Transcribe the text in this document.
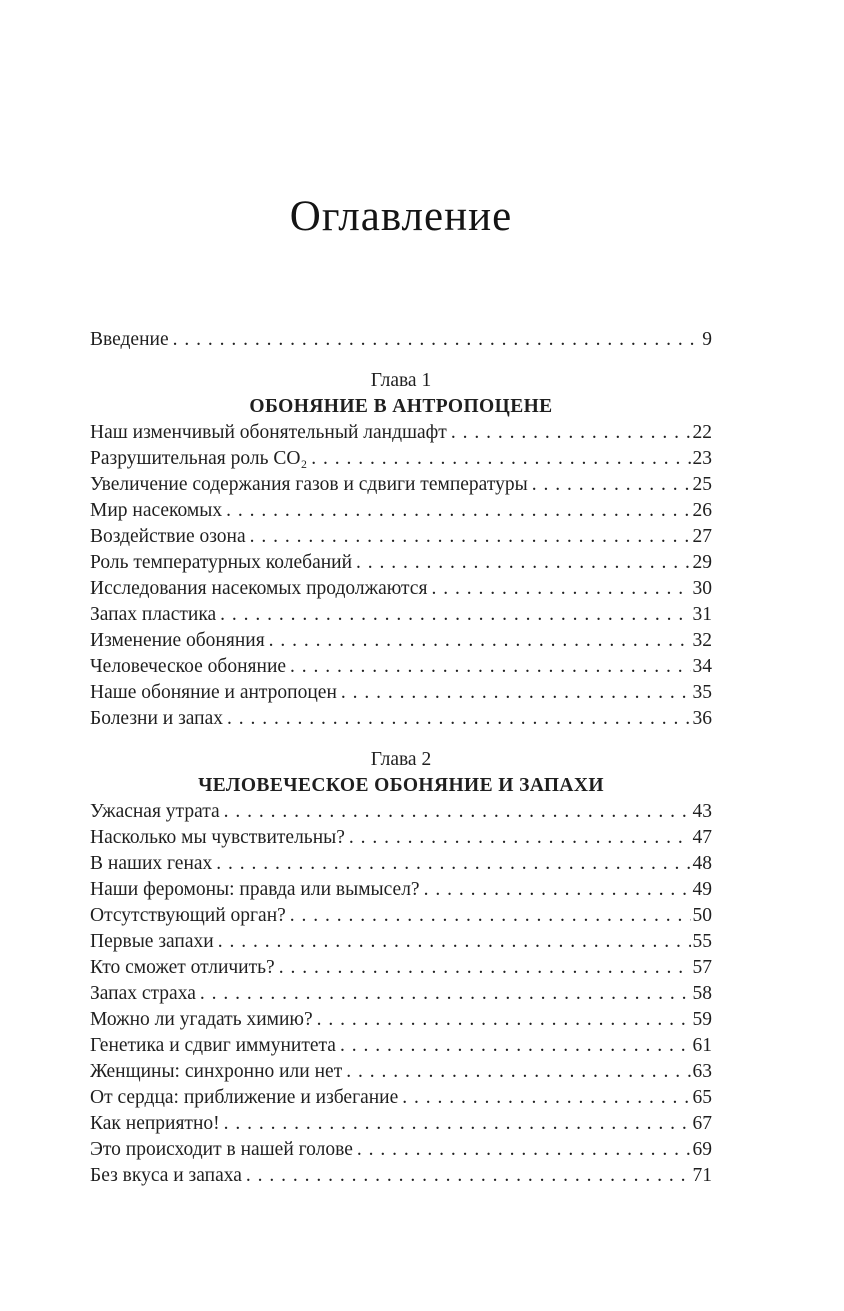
Оглавление
Введение . . .	9
Глава 1
ОБОНЯНИЕ В АНТРОПОЦЕНЕ
Наш изменчивый обонятельный ландшафт . . .	22
Разрушительная роль CO₂ . . .	23
Увеличение содержания газов и сдвиги температуры . . .	25
Мир насекомых . . .	26
Воздействие озона . . .	27
Роль температурных колебаний . . .	29
Исследования насекомых продолжаются . . .	30
Запах пластика . . .	31
Изменение обоняния . . .	32
Человеческое обоняние . . .	34
Наше обоняние и антропоцен . . .	35
Болезни и запах . . .	36
Глава 2
ЧЕЛОВЕЧЕСКОЕ ОБОНЯНИЕ И ЗАПАХИ
Ужасная утрата . . .	43
Насколько мы чувствительны? . . .	47
В наших генах . . .	48
Наши феромоны: правда или вымысел? . . .	49
Отсутствующий орган? . . .	50
Первые запахи . . .	55
Кто сможет отличить? . . .	57
Запах страха . . .	58
Можно ли угадать химию? . . .	59
Генетика и сдвиг иммунитета . . .	61
Женщины: синхронно или нет . . .	63
От сердца: приближение и избегание . . .	65
Как неприятно! . . .	67
Это происходит в нашей голове . . .	69
Без вкуса и запаха . . .	71
